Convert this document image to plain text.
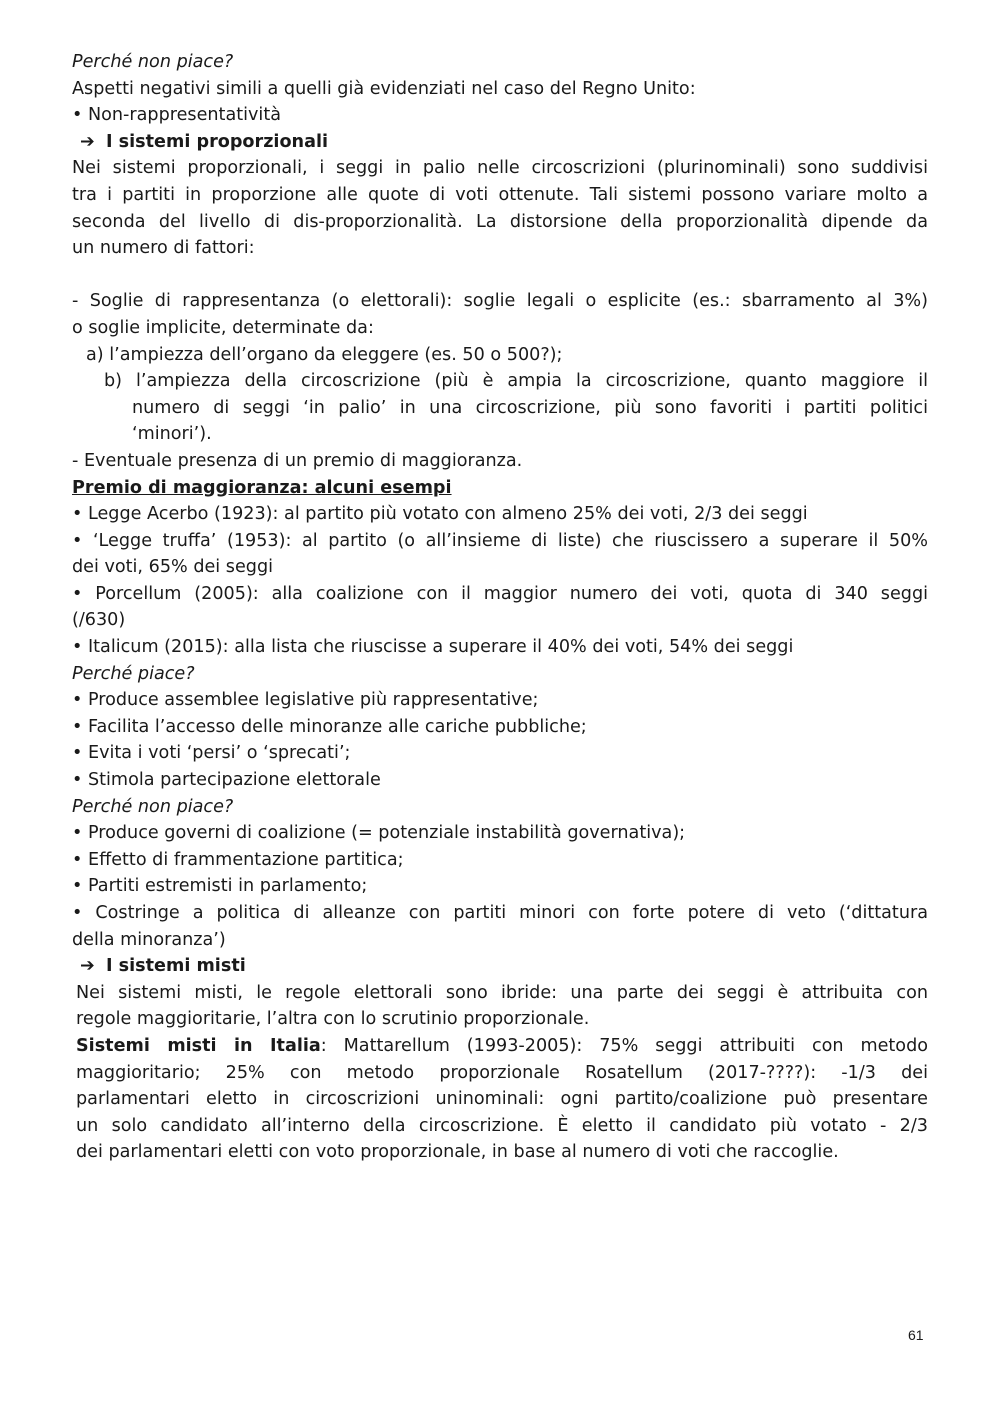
Perché non piace?

Aspetti negativi simili a quelli già evidenziati nel caso del Regno Unito:

• Non-rappresentatività

➔ I sistemi proporzionali

Nei sistemi proporzionali, i seggi in palio nelle circoscrizioni (plurinominali) sono suddivisi

tra i partiti in proporzione alle quote di voti ottenute. Tali sistemi possono variare molto a

seconda del livello di dis-proporzionalità. La distorsione della proporzionalità dipende da

un numero di fattori:

- Soglie di rappresentanza (o elettorali): soglie legali o esplicite (es.: sbarramento al 3%)

o soglie implicite, determinate da:

a) l’ampiezza dell’organo da eleggere (es. 50 o 500?);

b) l’ampiezza della circoscrizione (più è ampia la circoscrizione, quanto maggiore il

numero di seggi ‘in palio’ in una circoscrizione, più sono favoriti i partiti politici

‘minori’).

- Eventuale presenza di un premio di maggioranza.

Premio di maggioranza: alcuni esempi

• Legge Acerbo (1923): al partito più votato con almeno 25% dei voti, 2/3 dei seggi

• ‘Legge truffa’ (1953): al partito (o all’insieme di liste) che riuscissero a superare il 50%

dei voti, 65% dei seggi

• Porcellum (2005): alla coalizione con il maggior numero dei voti, quota di 340 seggi

(/630)

• Italicum (2015): alla lista che riuscisse a superare il 40% dei voti, 54% dei seggi

Perché piace?

• Produce assemblee legislative più rappresentative;

• Facilita l’accesso delle minoranze alle cariche pubbliche;

• Evita i voti ‘persi’ o ‘sprecati’;

• Stimola partecipazione elettorale

Perché non piace?

• Produce governi di coalizione (= potenziale instabilità governativa);

• Effetto di frammentazione partitica;

• Partiti estremisti in parlamento;

• Costringe a politica di alleanze con partiti minori con forte potere di veto (‘dittatura

della minoranza’)

➔ I sistemi misti

Nei sistemi misti, le regole elettorali sono ibride: una parte dei seggi è attribuita con

regole maggioritarie, l’altra con lo scrutinio proporzionale.

Sistemi misti in Italia: Mattarellum (1993-2005): 75% seggi attribuiti con metodo

maggioritario; 25% con metodo proporzionale Rosatellum (2017-????): -1/3 dei

parlamentari eletto in circoscrizioni uninominali: ogni partito/coalizione può presentare

un solo candidato all’interno della circoscrizione. È eletto il candidato più votato - 2/3

dei parlamentari eletti con voto proporzionale, in base al numero di voti che raccoglie.

61
